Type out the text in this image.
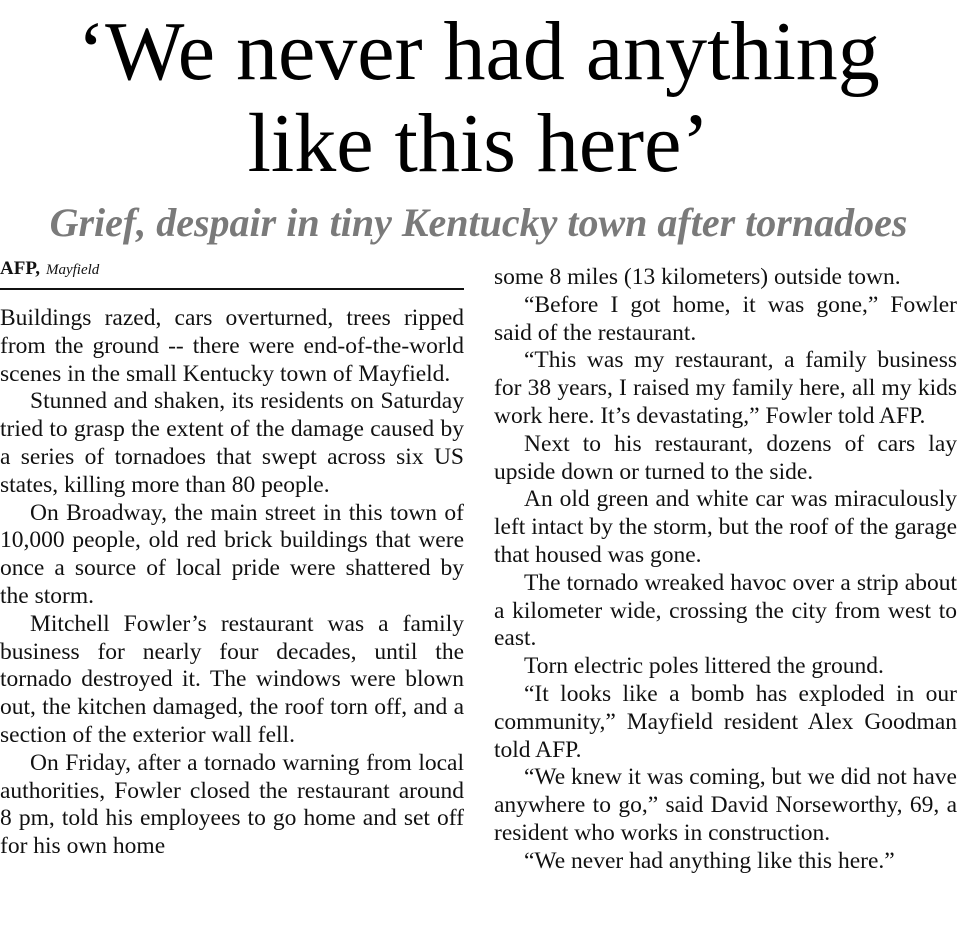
‘We never had anything
like this here’
Grief, despair in tiny Kentucky town after tornadoes
AFP, Mayfield

Buildings razed, cars overturned, trees ripped from the ground -- there were end-of-the-world scenes in the small Kentucky town of Mayfield.

Stunned and shaken, its residents on Saturday tried to grasp the extent of the damage caused by a series of tornadoes that swept across six US states, killing more than 80 people.

On Broadway, the main street in this town of 10,000 people, old red brick buildings that were once a source of local pride were shattered by the storm.

Mitchell Fowler’s restaurant was a family business for nearly four decades, until the tornado destroyed it. The windows were blown out, the kitchen damaged, the roof torn off, and a section of the exterior wall fell.

On Friday, after a tornado warning from local authorities, Fowler closed the restaurant around 8 pm, told his employees to go home and set off for his own home

some 8 miles (13 kilometers) outside town.

“Before I got home, it was gone,” Fowler said of the restaurant.

“This was my restaurant, a family business for 38 years, I raised my family here, all my kids work here. It’s devastating,” Fowler told AFP.

Next to his restaurant, dozens of cars lay upside down or turned to the side.

An old green and white car was miraculously left intact by the storm, but the roof of the garage that housed was gone.

The tornado wreaked havoc over a strip about a kilometer wide, crossing the city from west to east.

Torn electric poles littered the ground.

“It looks like a bomb has exploded in our community,” Mayfield resident Alex Goodman told AFP.

“We knew it was coming, but we did not have anywhere to go,” said David Norseworthy, 69, a resident who works in construction.

“We never had anything like this here.”
